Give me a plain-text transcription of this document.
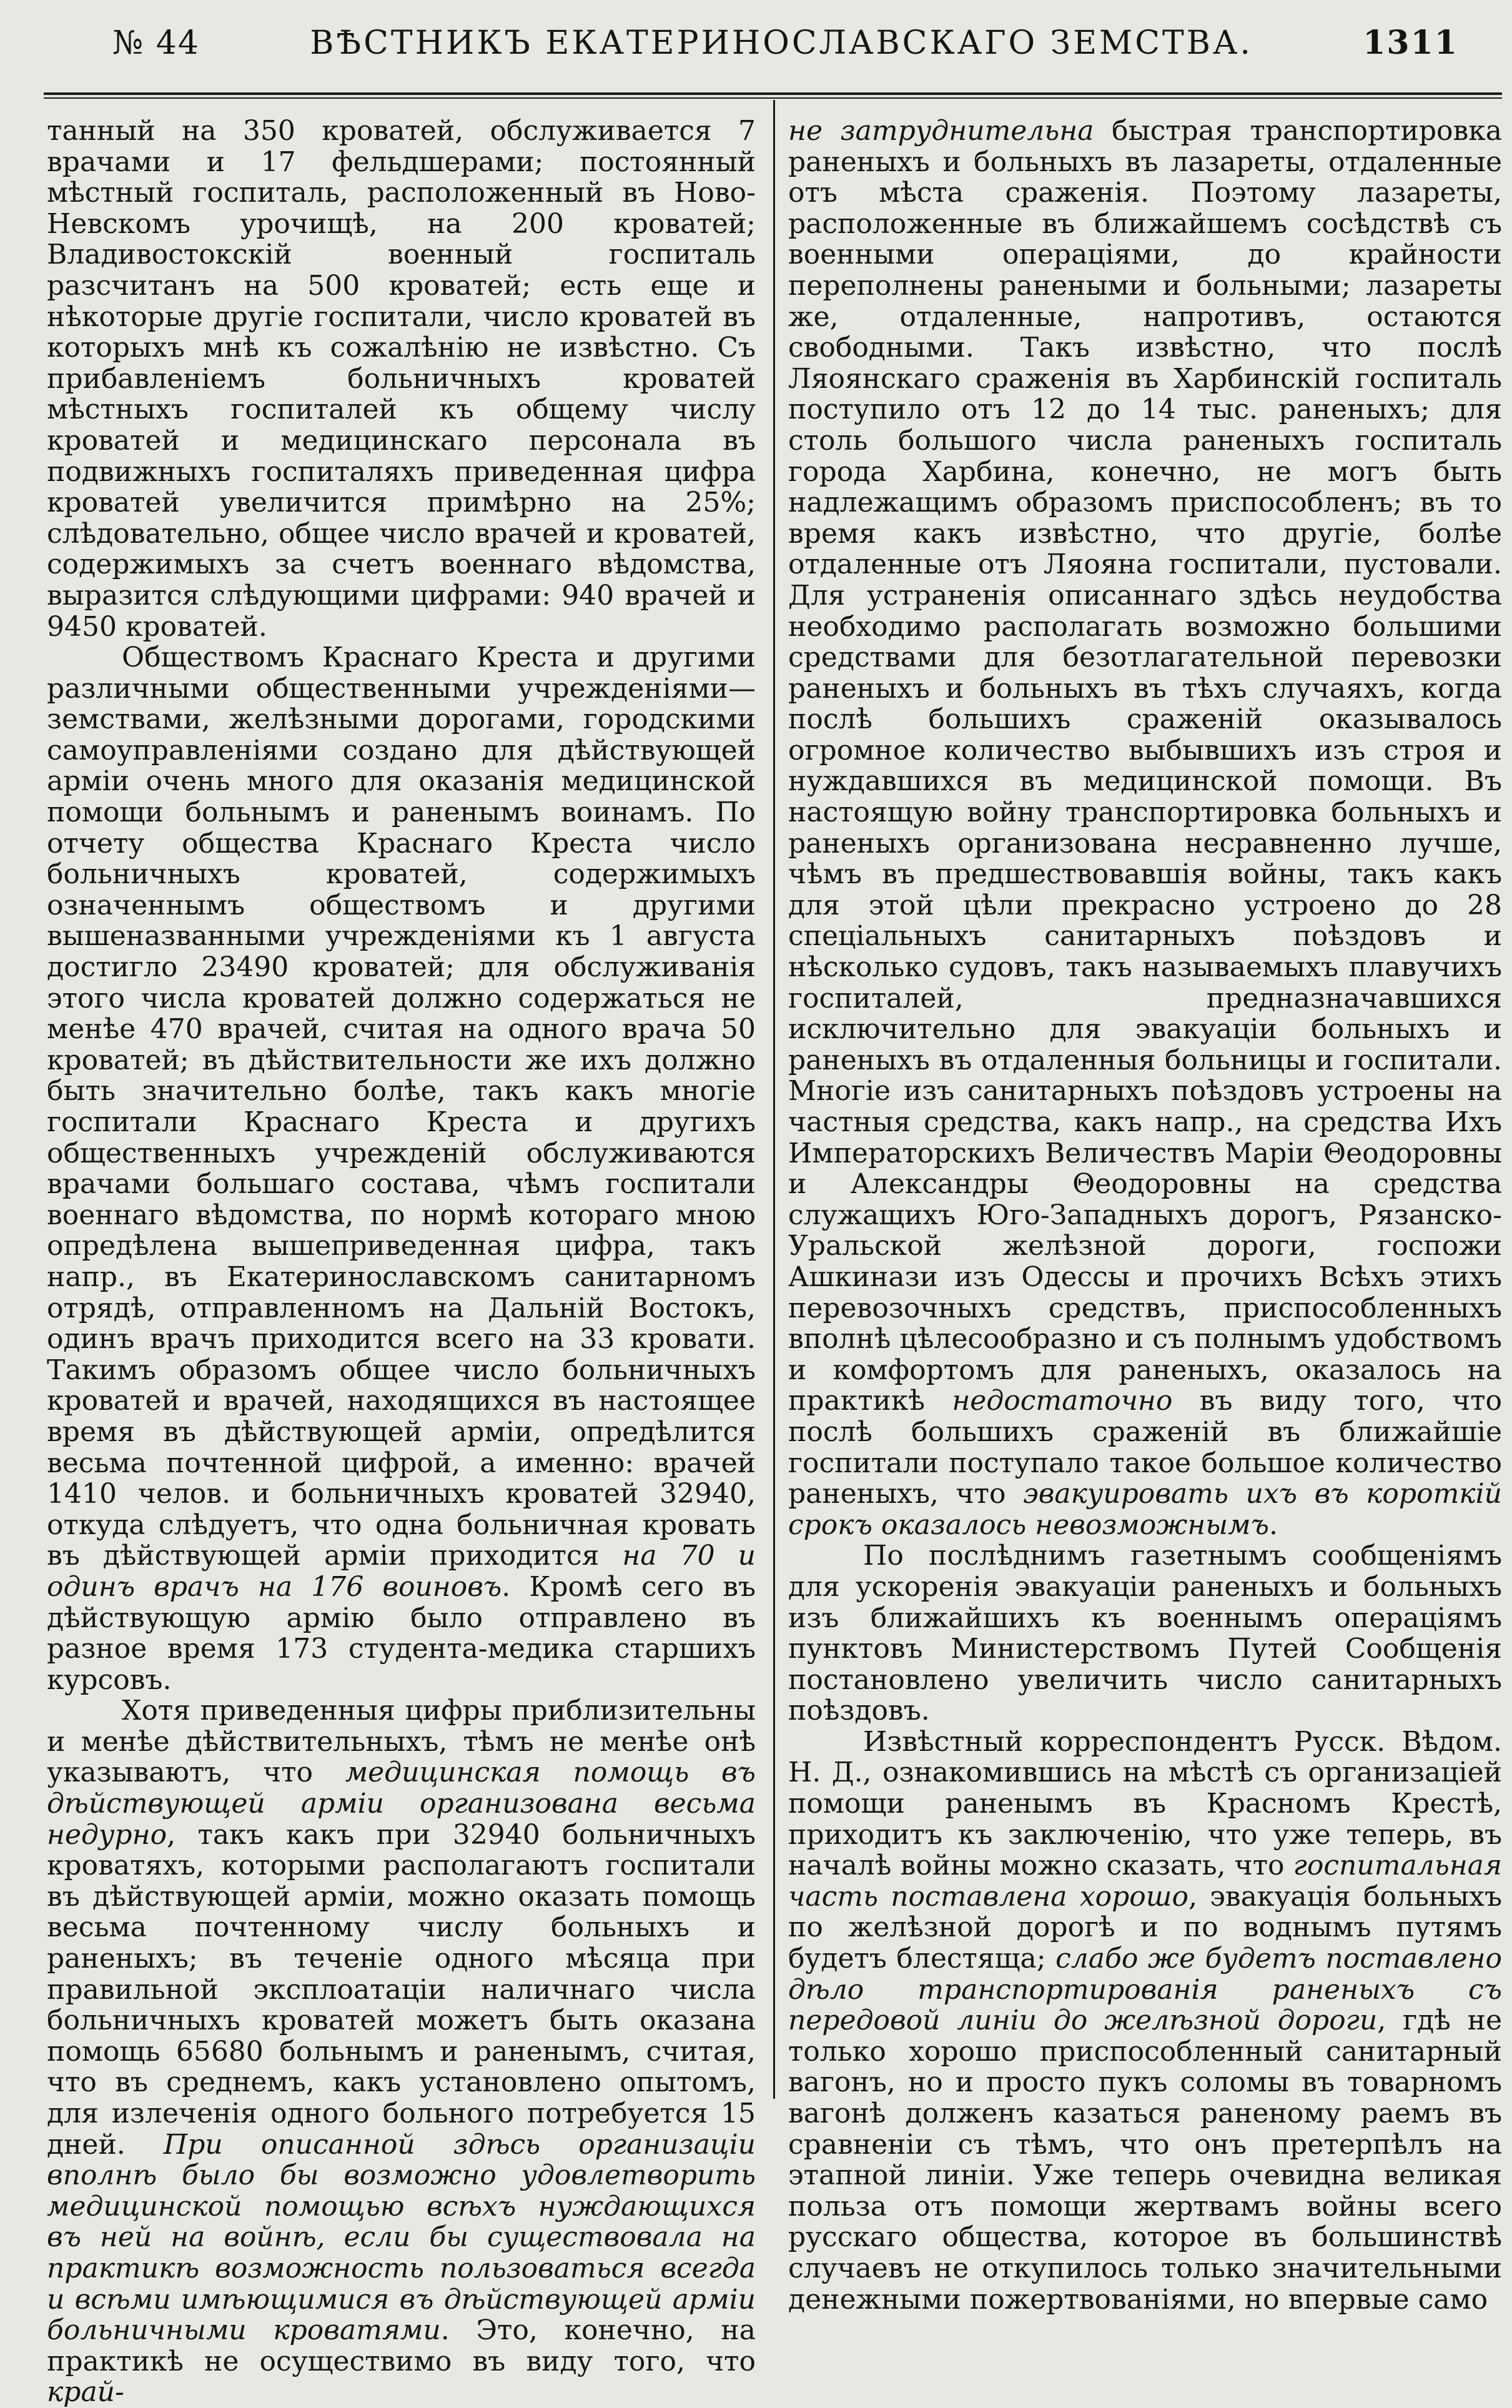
№ 44	ВѢСТНИКЪ ЕКАТЕРИНОСЛАВСКАГО ЗЕМСТВА.	1311

танный на 350 кроватей, обслуживается 7 врачами и 17 фельдшерами; постоянный мѣстный госпиталь, расположенный въ Ново-Невскомъ урочищѣ, на 200 кроватей; Владивостокскiй военный госпиталь разсчитанъ на 500 кроватей; есть еще и нѣкоторые другiе госпитали, число кроватей въ которыхъ мнѣ къ сожалѣнiю не извѣстно. Съ прибавленiемъ больничныхъ кроватей мѣстныхъ госпиталей къ общему числу кроватей и медицинскаго персонала въ подвижныхъ госпиталяхъ приведенная цифра кроватей увеличится примѣрно на 25%; слѣдовательно, общее число врачей и кроватей, содержимыхъ за счетъ военнаго вѣдомства, выразится слѣдующими цифрами: 940 врачей и 9450 кроватей.

Обществомъ Краснаго Креста и другими различными общественными учрежденiями—земствами, желѣзными дорогами, городскими самоуправленiями создано для дѣйствующей армiи очень много для оказанiя медицинской помощи больнымъ и раненымъ воинамъ. По отчету общества Краснаго Креста число больничныхъ кроватей, содержимыхъ означеннымъ обществомъ и другими вышеназванными учрежденiями къ 1 августа достигло 23490 кроватей; для обслуживанiя этого числа кроватей должно содержаться не менѣе 470 врачей, считая на одного врача 50 кроватей; въ дѣйствительности же ихъ должно быть значительно болѣе, такъ какъ многiе госпитали Краснаго Креста и другихъ общественныхъ учрежденiй обслуживаются врачами большаго состава, чѣмъ госпитали военнаго вѣдомства, по нормѣ котораго мною опредѣлена вышеприведенная цифра, такъ напр., въ Екатеринославскомъ санитарномъ отрядѣ, отправленномъ на Дальнiй Востокъ, одинъ врачъ приходится всего на 33 кровати. Такимъ образомъ общее число больничныхъ кроватей и врачей, находящихся въ настоящее время въ дѣйствующей армiи, опредѣлится весьма почтенной цифрой, а именно: врачей 1410 челов. и больничныхъ кроватей 32940, откуда слѣдуетъ, что одна больничная кровать въ дѣйствующей армiи приходится на 70 и одинъ врачъ на 176 воиновъ. Кромѣ сего въ дѣйствующую армiю было отправлено въ разное время 173 студента-медика старшихъ курсовъ.

Хотя приведенныя цифры приблизительны и менѣе дѣйствительныхъ, тѣмъ не менѣе онѣ указываютъ, что медицинская помощь въ дѣйствующей армiи организована весьма недурно, такъ какъ при 32940 больничныхъ кроватяхъ, которыми располагаютъ госпитали въ дѣйствующей армiи, можно оказать помощь весьма почтенному числу больныхъ и раненыхъ; въ теченiе одного мѣсяца при правильной эксплоатацiи наличнаго числа больничныхъ кроватей можетъ быть оказана помощь 65680 больнымъ и раненымъ, считая, что въ среднемъ, какъ установлено опытомъ, для излеченiя одного больного потребуется 15 дней. При описанной здѣсь организацiи вполнѣ было бы возможно удовлетворить медицинской помощью всѣхъ нуждающихся въ ней на войнѣ, если бы существовала на практикѣ возможность пользоваться всегда и всѣми имѣющимися въ дѣйствующей армiи больничными кроватями. Это, конечно, на практикѣ не осуществимо въ виду того, что край-

не затруднительна быстрая транспортировка раненыхъ и больныхъ въ лазареты, отдаленные отъ мѣста сраженiя. Поэтому лазареты, расположенные въ ближайшемъ сосѣдствѣ съ военными операцiями, до крайности переполнены ранеными и больными; лазареты же, отдаленные, напротивъ, остаются свободными. Такъ извѣстно, что послѣ Ляоянскаго сраженiя въ Харбинскiй госпиталь поступило отъ 12 до 14 тыс. раненыхъ; для столь большого числа раненыхъ госпиталь города Харбина, конечно, не могъ быть надлежащимъ образомъ приспособленъ; въ то время какъ извѣстно, что другiе, болѣе отдаленные отъ Ляояна госпитали, пустовали. Для устраненiя описаннаго здѣсь неудобства необходимо располагать возможно большими средствами для безотлагательной перевозки раненыхъ и больныхъ въ тѣхъ случаяхъ, когда послѣ большихъ сраженiй оказывалось огромное количество выбывшихъ изъ строя и нуждавшихся въ медицинской помощи. Въ настоящую войну транспортировка больныхъ и раненыхъ организована несравненно лучше, чѣмъ въ предшествовавшiя войны, такъ какъ для этой цѣли прекрасно устроено до 28 спецiальныхъ санитарныхъ поѣздовъ и нѣсколько судовъ, такъ называемыхъ плавучихъ госпиталей, предназначавшихся исключительно для эвакуацiи больныхъ и раненыхъ въ отдаленныя больницы и госпитали. Многiе изъ санитарныхъ поѣздовъ устроены на частныя средства, какъ напр., на средства Ихъ Императорскихъ Величествъ Марiи Θеодоровны и Александры Θеодоровны на средства служащихъ Юго-Западныхъ дорогъ, Рязанско-Уральской желѣзной дороги, госпожи Ашкинази изъ Одессы и прочихъ Всѣхъ этихъ перевозочныхъ средствъ, приспособленныхъ вполнѣ цѣлесообразно и съ полнымъ удобствомъ и комфортомъ для раненыхъ, оказалось на практикѣ недостаточно въ виду того, что послѣ большихъ сраженiй въ ближайшiе госпитали поступало такое большое количество раненыхъ, что эвакуировать ихъ въ короткiй срокъ оказалось невозможнымъ.

По послѣднимъ газетнымъ сообщенiямъ для ускоренiя эвакуацiи раненыхъ и больныхъ изъ ближайшихъ къ военнымъ операцiямъ пунктовъ Министерствомъ Путей Сообщенiя постановлено увеличить число санитарныхъ поѣздовъ.

Извѣстный корреспондентъ Русск. Вѣдом. Н. Д., ознакомившись на мѣстѣ съ организацiей помощи раненымъ въ Красномъ Крестѣ, приходитъ къ заключенiю, что уже теперь, въ началѣ войны можно сказать, что госпитальная часть поставлена хорошо, эвакуацiя больныхъ по желѣзной дорогѣ и по воднымъ путямъ будетъ блестяща; слабо же будетъ поставлено дѣло транспортированiя раненыхъ съ передовой линiи до желѣзной дороги, гдѣ не только хорошо приспособленный санитарный вагонъ, но и просто пукъ соломы въ товарномъ вагонѣ долженъ казаться раненому раемъ въ сравненiи съ тѣмъ, что онъ претерпѣлъ на этапной линiи. Уже теперь очевидна великая польза отъ помощи жертвамъ войны всего русскаго общества, которое въ большинствѣ случаевъ не откупилось только значительными денежными пожертвованiями, но впервые само
